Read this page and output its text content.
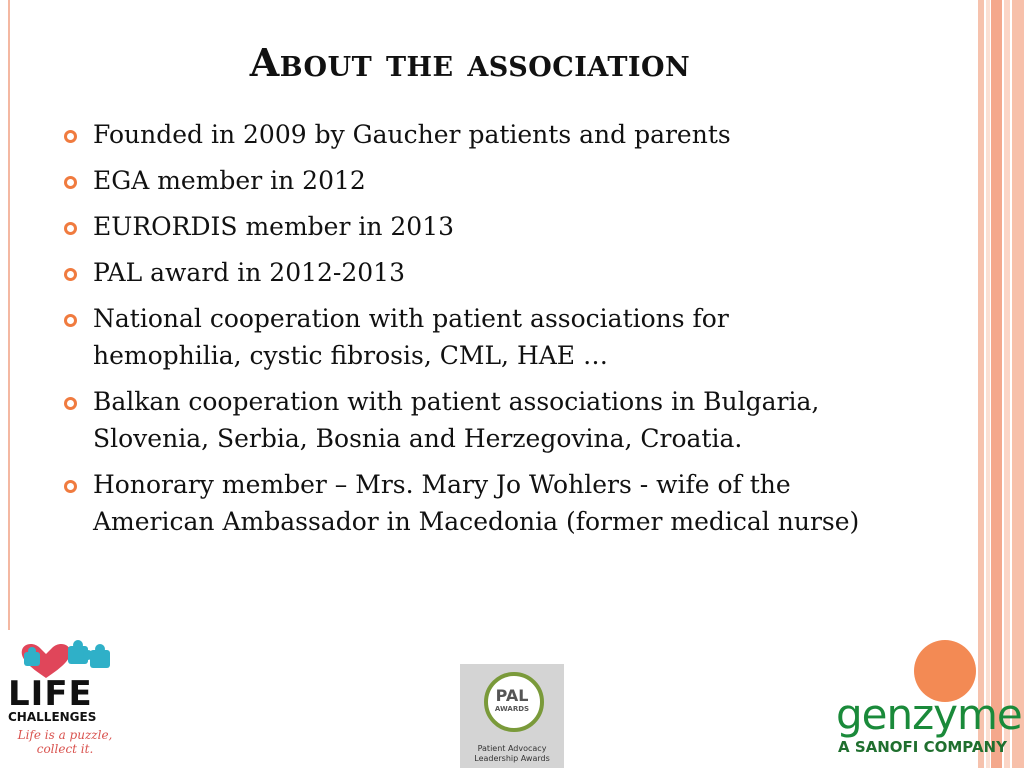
About the association
Founded in 2009 by Gaucher patients and parents
EGA member in 2012
EURORDIS member in 2013
PAL award in 2012-2013
National cooperation with patient associations for hemophilia, cystic fibrosis, CML, HAE …
Balkan cooperation with patient associations in Bulgaria, Slovenia, Serbia, Bosnia and Herzegovina, Croatia.
Honorary member – Mrs. Mary Jo Wohlers - wife of the American Ambassador in Macedonia (former medical nurse)
LIFE
CHALLENGES
Life is a puzzle,
collect it.
PAL
AWARDS
Patient Advocacy
Leadership Awards
genzyme
A SANOFI COMPANY
